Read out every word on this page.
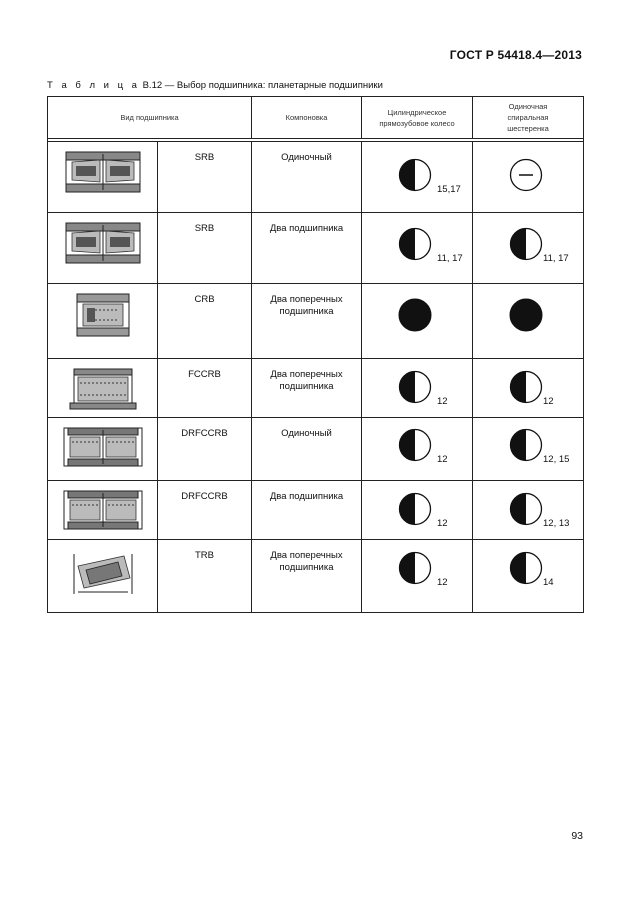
ГОСТ Р 54418.4—2013
Т а б л и ц а В.12 — Выбор подшипника: планетарные подшипники
Вид подшипника		Компоновка	Цилиндрическое прямозубовое колесо	Одиночная спиральная шестеренка

	SRB	Одиночный	15,17

	SRB	Два подшипника	11, 17	11, 17

	CRB	Два поперечных подшипника	

	FCCRB	Два поперечных подшипника	12	12

	DRFCCRB	Одиночный	12	12, 15

	DRFCCRB	Два подшипника	12	12, 13

	TRB	Два поперечных подшипника	12	14
93
